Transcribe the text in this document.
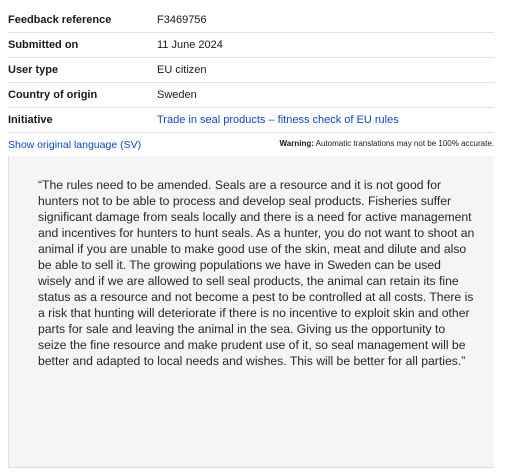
Feedback reference	F3469756
Submitted on	11 June 2024
User type	EU citizen
Country of origin	Sweden
Initiative	Trade in seal products – fitness check of EU rules
Show original language (SV)	Warning: Automatic translations may not be 100% accurate.

“The rules need to be amended. Seals are a resource and it is not good for hunters not to be able to process and develop seal products. Fisheries suffer significant damage from seals locally and there is a need for active management and incentives for hunters to hunt seals. As a hunter, you do not want to shoot an animal if you are unable to make good use of the skin, meat and dilute and also be able to sell it. The growing populations we have in Sweden can be used wisely and if we are allowed to sell seal products, the animal can retain its fine status as a resource and not become a pest to be controlled at all costs. There is a risk that hunting will deteriorate if there is no incentive to exploit skin and other parts for sale and leaving the animal in the sea. Giving us the opportunity to seize the fine resource and make prudent use of it, so seal management will be better and adapted to local needs and wishes. This will be better for all parties.”
